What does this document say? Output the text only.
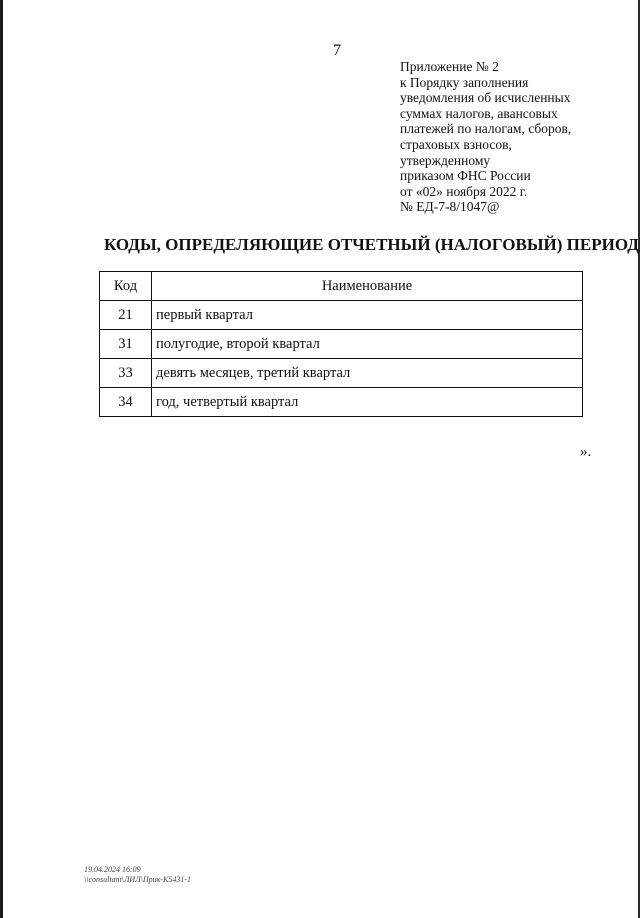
7
Приложение № 2
к Порядку заполнения
уведомления об исчисленных
суммах налогов, авансовых
платежей по налогам, сборов,
страховых взносов,
утвержденному
приказом ФНС России
от «02» ноября 2022 г.
№ ЕД-7-8/1047@
КОДЫ, ОПРЕДЕЛЯЮЩИЕ ОТЧЕТНЫЙ (НАЛОГОВЫЙ) ПЕРИОД
Код	Наименование
21	первый квартал
31	полугодие, второй квартал
33	девять месяцев, третий квартал
34	год, четвертый квартал
».
19.04.2024 16:09
\\consultant\ЛИЛ\Пpик-К5431-1
